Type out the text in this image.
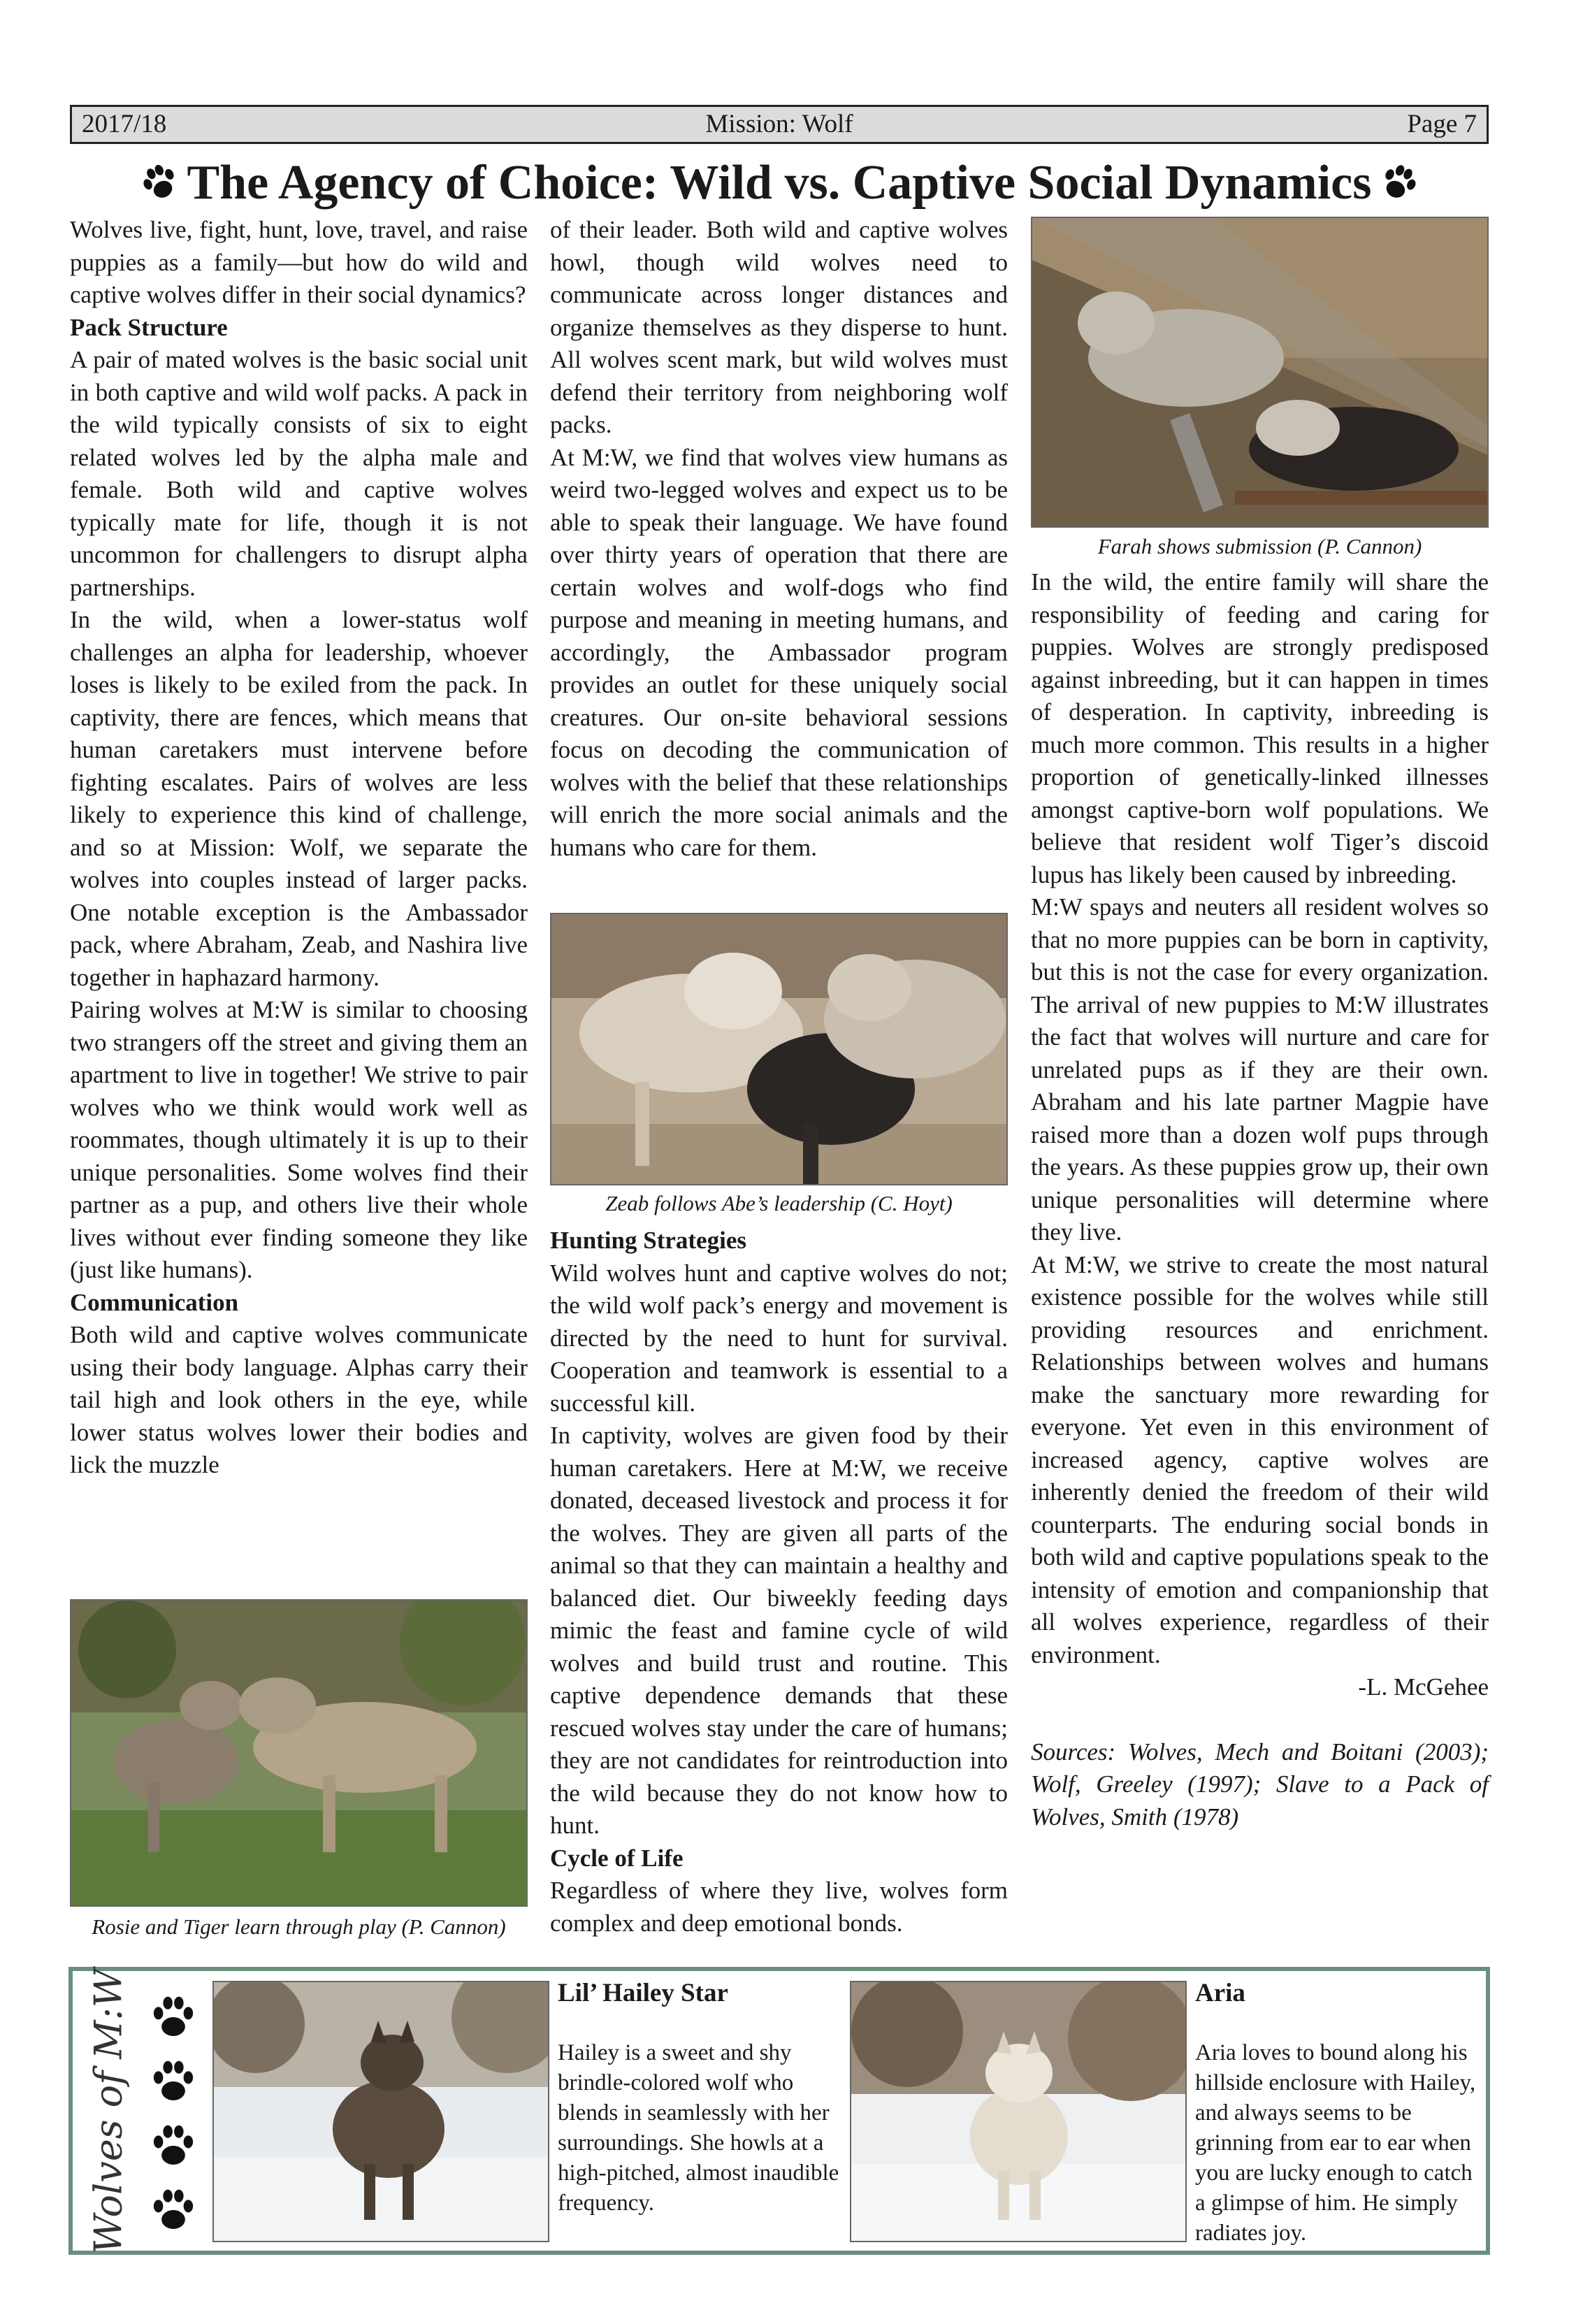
Mission: Wolf
2017/18	Page 7
The Agency of Choice: Wild vs. Captive Social Dynamics

Wolves live, fight, hunt, love, travel, and raise puppies as a family—but how do wild and captive wolves differ in their social dynamics?

Pack Structure

A pair of mated wolves is the basic social unit in both captive and wild wolf packs. A pack in the wild typically consists of six to eight related wolves led by the alpha male and female. Both wild and captive wolves typically mate for life, though it is not uncommon for challengers to disrupt alpha partnerships.

In the wild, when a lower-status wolf challenges an alpha for leadership, whoever loses is likely to be exiled from the pack. In captivity, there are fences, which means that human caretakers must intervene before fighting escalates. Pairs of wolves are less likely to experience this kind of challenge, and so at Mission: Wolf, we separate the wolves into couples instead of larger packs. One notable exception is the Ambassador pack, where Abraham, Zeab, and Nashira live together in haphazard harmony.

Pairing wolves at M:W is similar to choosing two strangers off the street and giving them an apartment to live in together! We strive to pair wolves who we think would work well as roommates, though ultimately it is up to their unique personalities. Some wolves find their partner as a pup, and others live their whole lives without ever finding someone they like (just like humans).

Communication

Both wild and captive wolves communicate using their body language. Alphas carry their tail high and look others in the eye, while lower status wolves lower their bodies and lick the muzzle

Rosie and Tiger learn through play (P. Cannon)

of their leader. Both wild and captive wolves howl, though wild wolves need to communicate across longer distances and organize themselves as they disperse to hunt. All wolves scent mark, but wild wolves must defend their territory from neighboring wolf packs.

At M:W, we find that wolves view humans as weird two-legged wolves and expect us to be able to speak their language. We have found over thirty years of operation that there are certain wolves and wolf-dogs who find purpose and meaning in meeting humans, and accordingly, the Ambassador program provides an outlet for these uniquely social creatures. Our on-site behavioral sessions focus on decoding the communication of wolves with the belief that these relationships will enrich the more social animals and the humans who care for them.

Zeab follows Abe’s leadership (C. Hoyt)

Hunting Strategies

Wild wolves hunt and captive wolves do not; the wild wolf pack’s energy and movement is directed by the need to hunt for survival. Cooperation and teamwork is essential to a successful kill.

In captivity, wolves are given food by their human caretakers. Here at M:W, we receive donated, deceased livestock and process it for the wolves. They are given all parts of the animal so that they can maintain a healthy and balanced diet. Our biweekly feeding days mimic the feast and famine cycle of wild wolves and build trust and routine. This captive dependence demands that these rescued wolves stay under the care of humans; they are not candidates for reintroduction into the wild because they do not know how to hunt.

Cycle of Life

Regardless of where they live, wolves form complex and deep emotional bonds.

Farah shows submission (P. Cannon)

In the wild, the entire family will share the responsibility of feeding and caring for puppies. Wolves are strongly predisposed against inbreeding, but it can happen in times of desperation. In captivity, inbreeding is much more common. This results in a higher proportion of genetically-linked illnesses amongst captive-born wolf populations. We believe that resident wolf Tiger’s discoid lupus has likely been caused by inbreeding.

M:W spays and neuters all resident wolves so that no more puppies can be born in captivity, but this is not the case for every organization. The arrival of new puppies to M:W illustrates the fact that wolves will nurture and care for unrelated pups as if they are their own. Abraham and his late partner Magpie have raised more than a dozen wolf pups through the years. As these puppies grow up, their own unique personalities will determine where they live.

At M:W, we strive to create the most natural existence possible for the wolves while still providing resources and enrichment. Relationships between wolves and humans make the sanctuary more rewarding for everyone. Yet even in this environment of increased agency, captive wolves are inherently denied the freedom of their wild counterparts. The enduring social bonds in both wild and captive populations speak to the intensity of emotion and companionship that all wolves experience, regardless of their environment.

-L. McGehee

Sources: Wolves, Mech and Boitani (2003); Wolf, Greeley (1997); Slave to a Pack of Wolves, Smith (1978)

Wolves of M:W	Lil’ Hailey Star
Hailey is a sweet and shy brindle-colored wolf who blends in seamlessly with her surroundings. She howls at a high-pitched, almost inaudible frequency.
Aria
Aria loves to bound along his hillside enclosure with Hailey, and always seems to be grinning from ear to ear when you are lucky enough to catch a glimpse of him. He simply radiates joy.
